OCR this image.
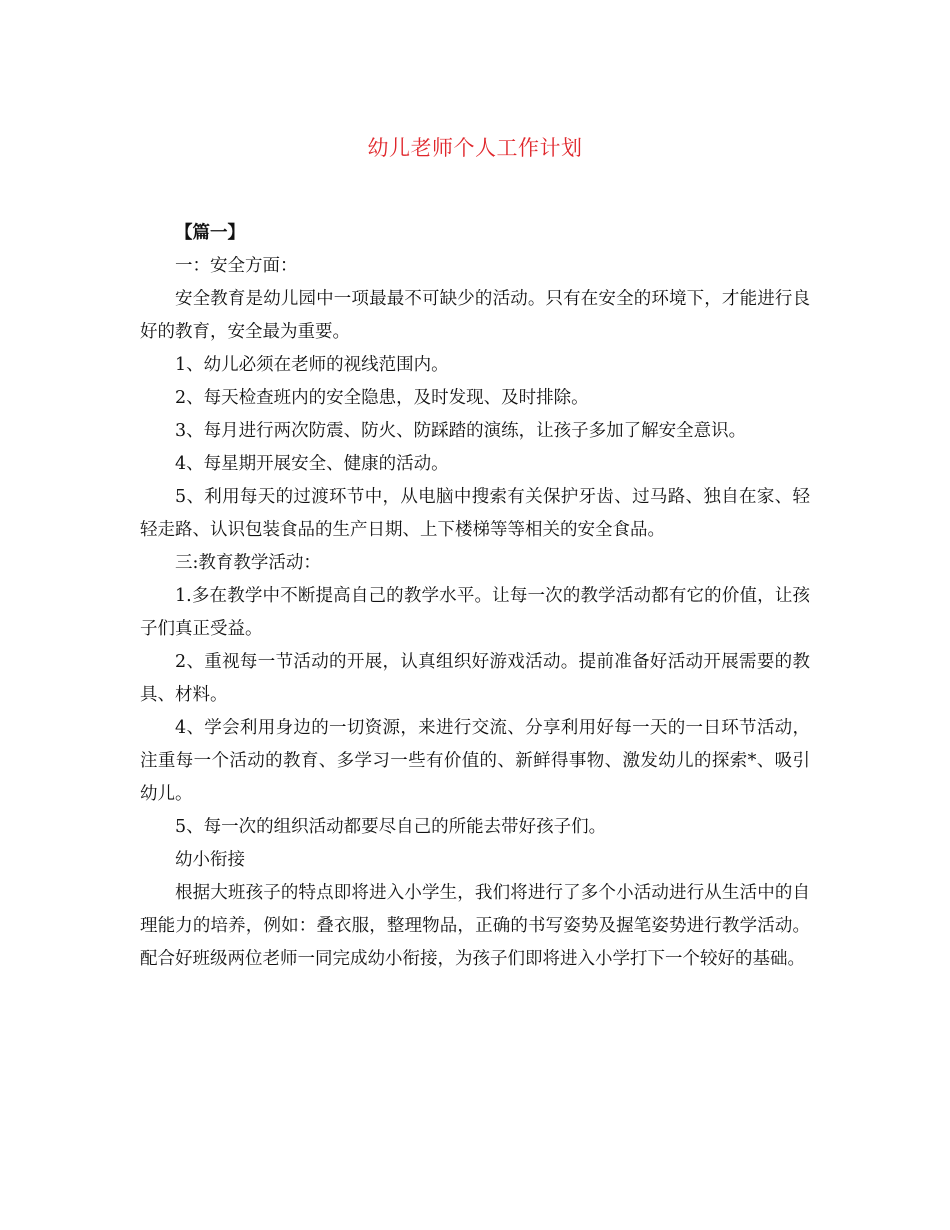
幼儿老师个人工作计划

【篇一】

一：安全方面：

安全教育是幼儿园中一项最最不可缺少的活动。只有在安全的环境下，才能进行良好的教育，安全最为重要。

1、幼儿必须在老师的视线范围内。

2、每天检查班内的安全隐患，及时发现、及时排除。

3、每月进行两次防震、防火、防踩踏的演练，让孩子多加了解安全意识。

4、每星期开展安全、健康的活动。

5、利用每天的过渡环节中，从电脑中搜索有关保护牙齿、过马路、独自在家、轻轻走路、认识包装食品的生产日期、上下楼梯等等相关的安全食品。

三:教育教学活动：

1.多在教学中不断提高自己的教学水平。让每一次的教学活动都有它的价值，让孩子们真正受益。

2、重视每一节活动的开展，认真组织好游戏活动。提前准备好活动开展需要的教具、材料。

4、学会利用身边的一切资源，来进行交流、分享利用好每一天的一日环节活动，注重每一个活动的教育、多学习一些有价值的、新鲜得事物、激发幼儿的探索*、吸引幼儿。

5、每一次的组织活动都要尽自己的所能去带好孩子们。

幼小衔接

根据大班孩子的特点即将进入小学生，我们将进行了多个小活动进行从生活中的自理能力的培养，例如：叠衣服，整理物品，正确的书写姿势及握笔姿势进行教学活动。配合好班级两位老师一同完成幼小衔接，为孩子们即将进入小学打下一个较好的基础。
